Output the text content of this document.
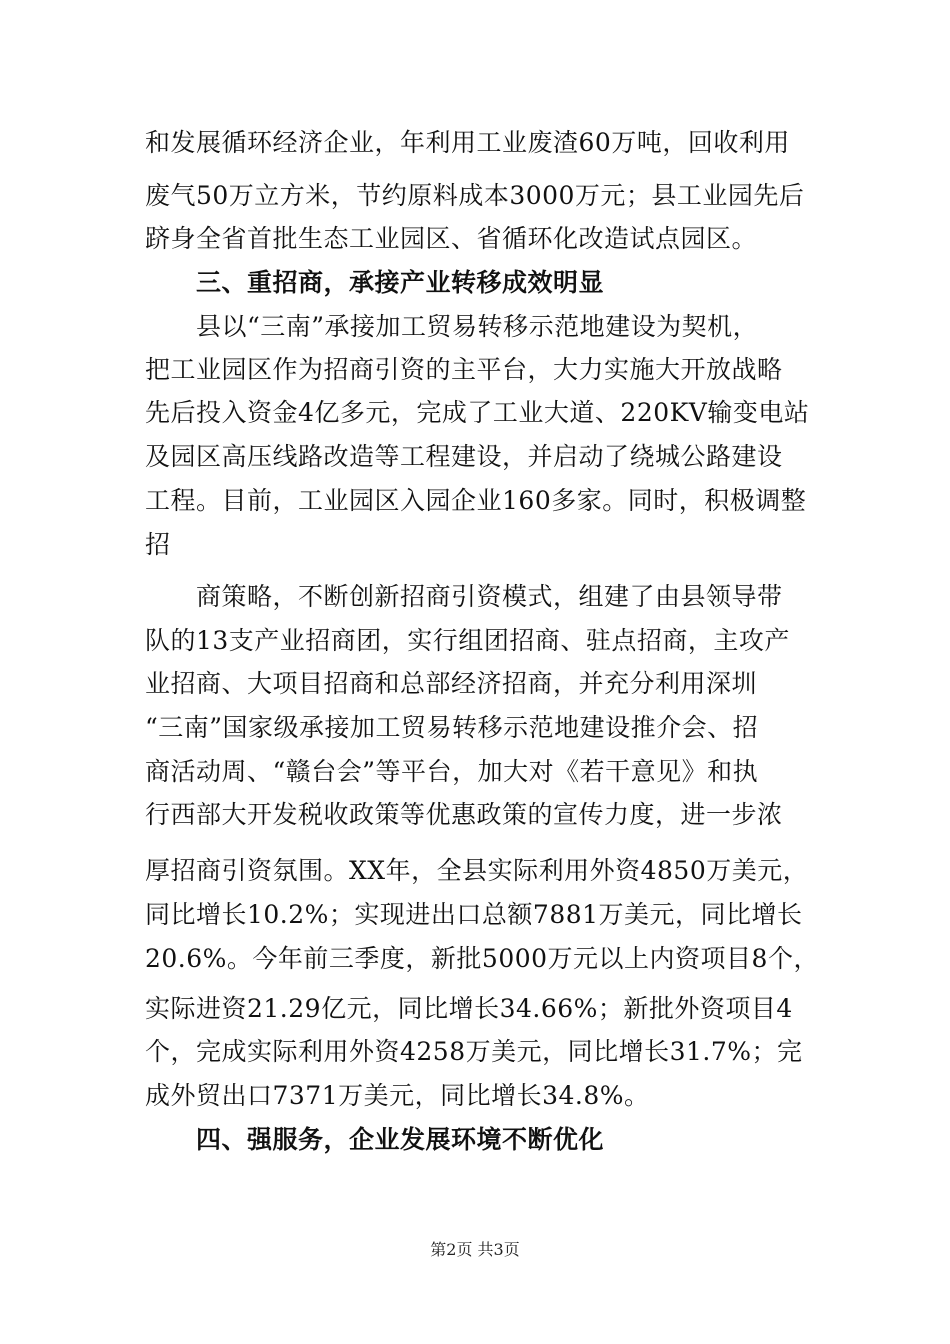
和发展循环经济企业，年利用工业废渣60万吨，回收利用
废气50万立方米，节约原料成本3000万元；县工业园先后
跻身全省首批生态工业园区、省循环化改造试点园区。
三、重招商，承接产业转移成效明显
县以“三南”承接加工贸易转移示范地建设为契机，
把工业园区作为招商引资的主平台，大力实施大开放战略
先后投入资金4亿多元，完成了工业大道、220KV输变电站
及园区高压线路改造等工程建设，并启动了绕城公路建设
工程。目前，工业园区入园企业160多家。同时，积极调整
招
商策略，不断创新招商引资模式，组建了由县领导带
队的13支产业招商团，实行组团招商、驻点招商，主攻产
业招商、大项目招商和总部经济招商，并充分利用深圳
“三南”国家级承接加工贸易转移示范地建设推介会、招
商活动周、“赣台会”等平台，加大对《若干意见》和执
行西部大开发税收政策等优惠政策的宣传力度，进一步浓
厚招商引资氛围。XX年，全县实际利用外资4850万美元，
同比增长10.2%；实现进出口总额7881万美元，同比增长
20.6%。今年前三季度，新批5000万元以上内资项目8个，
实际进资21.29亿元，同比增长34.66%；新批外资项目4
个，完成实际利用外资4258万美元，同比增长31.7%；完
成外贸出口7371万美元，同比增长34.8%。
四、强服务，企业发展环境不断优化
第2页 共3页
